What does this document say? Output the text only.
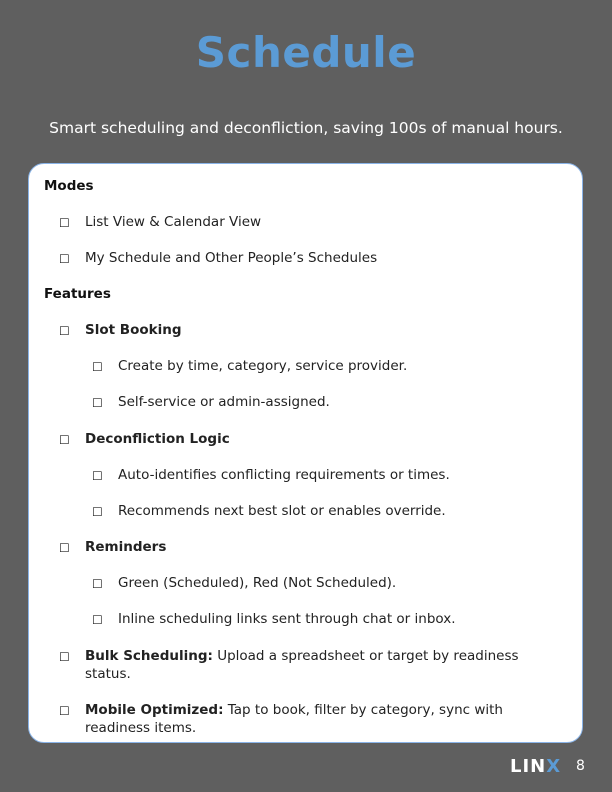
Schedule
Smart scheduling and deconfliction, saving 100s of manual hours.
Modes
☐ List View & Calendar View
☐ My Schedule and Other People’s Schedules
Features
☐ Slot Booking
☐ Create by time, category, service provider.
☐ Self-service or admin-assigned.
☐ Deconfliction Logic
☐ Auto-identifies conflicting requirements or times.
☐ Recommends next best slot or enables override.
☐ Reminders
☐ Green (Scheduled), Red (Not Scheduled).
☐ Inline scheduling links sent through chat or inbox.
☐ Bulk Scheduling: Upload a spreadsheet or target by readiness status.
☐ Mobile Optimized: Tap to book, filter by category, sync with readiness items.
LINX 8
